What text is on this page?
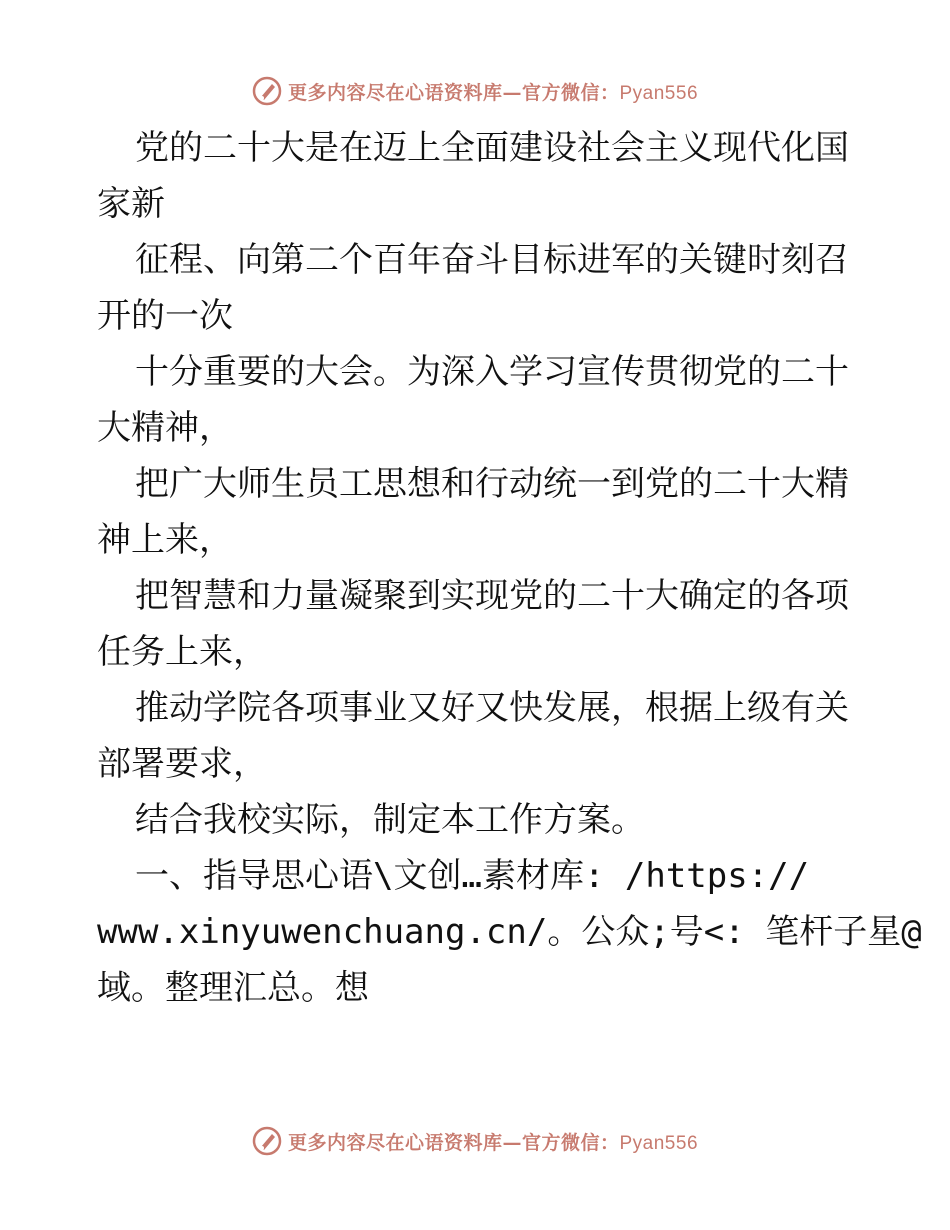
更多内容尽在心语资料库—官方微信：Pyan556
党的二十大是在迈上全面建设社会主义现代化国
家新
征程、向第二个百年奋斗目标进军的关键时刻召
开的一次
十分重要的大会。为深入学习宣传贯彻党的二十
大精神，
把广大师生员工思想和行动统一到党的二十大精
神上来，
把智慧和力量凝聚到实现党的二十大确定的各项
任务上来，
推动学院各项事业又好又快发展，根据上级有关
部署要求，
结合我校实际，制定本工作方案。
一、指导思心语\文创…素材库: /https://
www.xinyuwenchuang.cn/。公众;号<: 笔杆子星@
域。整理汇总。想
更多内容尽在心语资料库—官方微信：Pyan556
